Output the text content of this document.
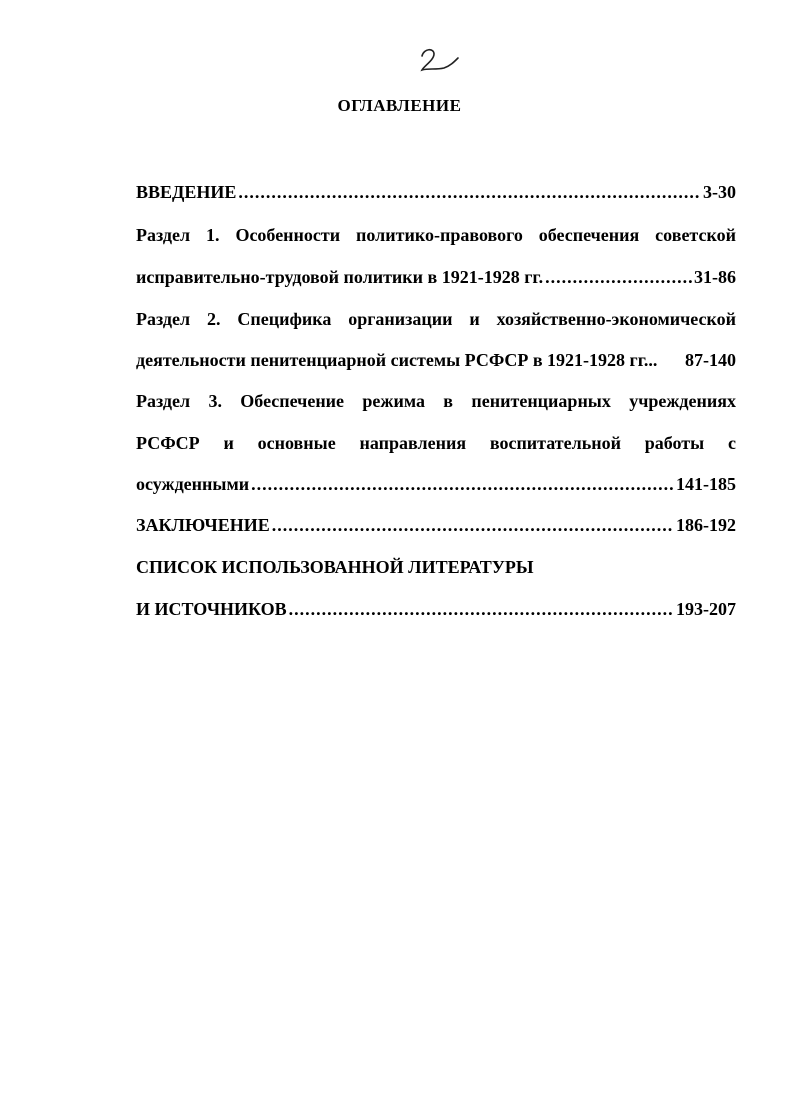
ОГЛАВЛЕНИЕ
ВВЕДЕНИЕ .....	3-30
Раздел 1. Особенности политико-правового обеспечения советской
исправительно-трудовой политики в 1921-1928 гг. .....	31-86
Раздел 2. Специфика организации и хозяйственно-экономической
деятельности пенитенциарной системы РСФСР в 1921-1928 гг... 87-140
Раздел 3. Обеспечение режима в пенитенциарных учреждениях
РСФСР и основные направления воспитательной работы с
осужденными .....	141-185
ЗАКЛЮЧЕНИЕ .....	186-192
СПИСОК ИСПОЛЬЗОВАННОЙ ЛИТЕРАТУРЫ
И ИСТОЧНИКОВ .....	193-207
